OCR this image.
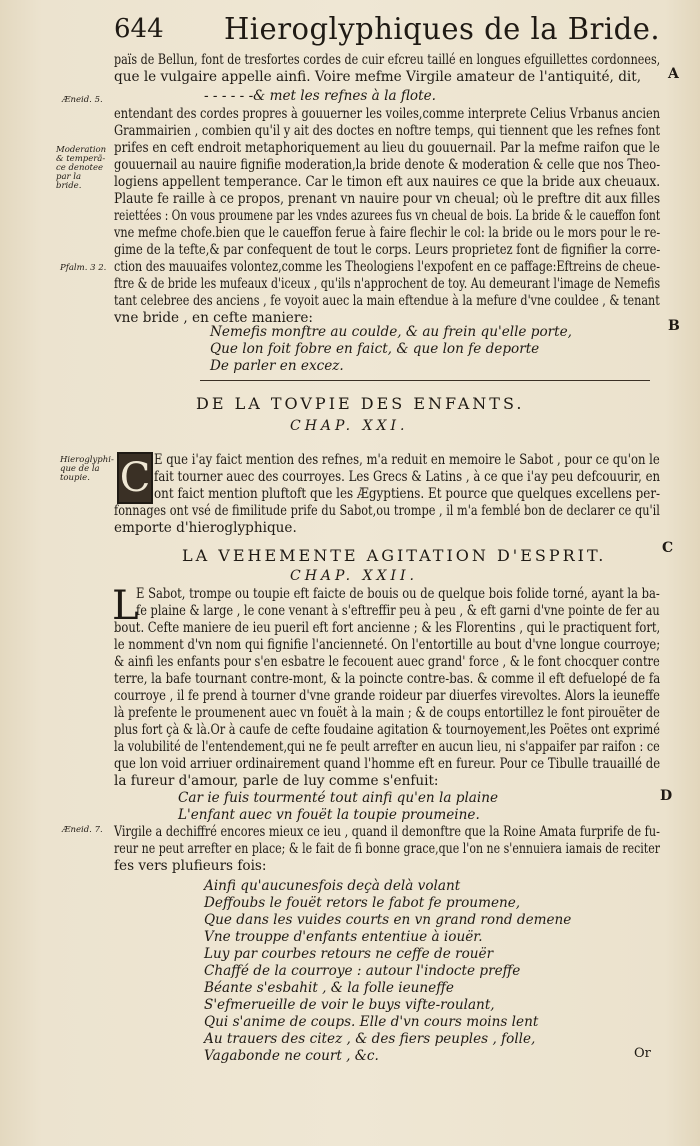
644 Hieroglyphiques de la Bride.
Æneid. 5.
Moderation & temperã-ce denotee par la bride.
Pfalm. 3 2.
Hieroglyphi-que de la toupie.
Æneid. 7.
A
B
C
D
païs de Bellun, font de tresfortes cordes de cuir efcreu taillé en longues efguillettes cordonnees,
que le vulgaire appelle ainfi. Voire mefme Virgile amateur de l'antiquité, dit,
- - - - - -& met les refnes à la flote.
entendant des cordes propres à gouuerner les voiles,comme interprete Celius Vrbanus ancien
Grammairien , combien qu'il y ait des doctes en noftre temps, qui tiennent que les refnes font
prifes en ceft endroit metaphoriquement au lieu du gouuernail. Par la mefme raifon que le
gouuernail au nauire fignifie moderation,la bride denote & moderation & celle que nos Theo-
logiens appellent temperance. Car le timon eft aux nauires ce que la bride aux cheuaux.
Plaute fe raille à ce propos, prenant vn nauire pour vn cheual; où le preftre dit aux filles
reiettées : On vous proumene par les vndes azurees fus vn cheual de bois. La bride & le caueffon font
vne mefme chofe.bien que le caueffon ferue à faire flechir le col: la bride ou le mors pour le re-
gime de la tefte,& par confequent de tout le corps. Leurs proprietez font de fignifier la corre-
ction des mauuaifes volontez,comme les Theologiens l'expofent en ce paffage:Eftreins de cheue-
ftre & de bride les mufeaux d'iceux , qu'ils n'approchent de toy. Au demeurant l'image de Nemefis
tant celebree des anciens , fe voyoit auec la main eftendue à la mefure d'vne couldee , & tenant
vne bride , en cefte maniere:
Nemefis monftre au coulde, & au frein qu'elle porte,
Que lon foit fobre en faict, & que lon fe deporte
De parler en excez.
DE LA TOVPIE DES ENFANTS.
CHAP. XXI.
C E que i'ay faict mention des refnes, m'a reduit en memoire le Sabot , pour ce qu'on le
fait tourner auec des courroyes. Les Grecs & Latins , à ce que i'ay peu defcouurir, en
ont faict mention pluftoft que les Ægyptiens. Et pource que quelques excellens per-
fonnages ont vsé de fimilitude prife du Sabot,ou trompe , il m'a femblé bon de declarer ce qu'il
emporte d'hieroglyphique.
LA VEHEMENTE AGITATION D'ESPRIT.
CHAP. XXII.
L
E Sabot, trompe ou toupie eft faicte de bouis ou de quelque bois folide torné, ayant la ba-
fe plaine & large , le cone venant à s'eftreffir peu à peu , & eft garni d'vne pointe de fer au
bout. Cefte maniere de ieu pueril eft fort ancienne ; & les Florentins , qui le practiquent fort,
le nomment d'vn nom qui fignifie l'ancienneté. On l'entortille au bout d'vne longue courroye;
& ainfi les enfants pour s'en esbatre le fecouent auec grand' force , & le font chocquer contre
terre, la bafe tournant contre-mont, & la poincte contre-bas. & comme il eft defuelopé de fa
courroye , il fe prend à tourner d'vne grande roideur par diuerfes virevoltes. Alors la ieuneffe
là prefente le proumenent auec vn fouët à la main ; & de coups entortillez le font pirouëter de
plus fort çà & là.Or à caufe de cefte foudaine agitation & tournoyement,les Poëtes ont exprimé
la volubilité de l'entendement,qui ne fe peult arrefter en aucun lieu, ni s'appaifer par raifon : ce
que lon void arriuer ordinairement quand l'homme eft en fureur. Pour ce Tibulle trauaillé de
la fureur d'amour, parle de luy comme s'enfuit:
Car ie fuis tourmenté tout ainfi qu'en la plaine
L'enfant auec vn fouët la toupie proumeine.
Virgile a dechiffré encores mieux ce ieu , quand il demonftre que la Roine Amata furprife de fu-
reur ne peut arrefter en place; & le fait de fi bonne grace,que l'on ne s'ennuiera iamais de reciter
fes vers plufieurs fois:
Ainfi qu'aucunesfois deçà delà volant
Deffoubs le fouët retors le fabot fe proumene,
Que dans les vuides courts en vn grand rond demene
Vne trouppe d'enfants ententiue à iouër.
Luy par courbes retours ne ceffe de rouër
Chaffé de la courroye : autour l'indocte preffe
Béante s'esbahit , & la folle ieuneffe
S'efmerueille de voir le buys vifte-roulant,
Qui s'anime de coups. Elle d'vn cours moins lent
Au trauers des citez , & des fiers peuples , folle,
Vagabonde ne court , &c.	Or
